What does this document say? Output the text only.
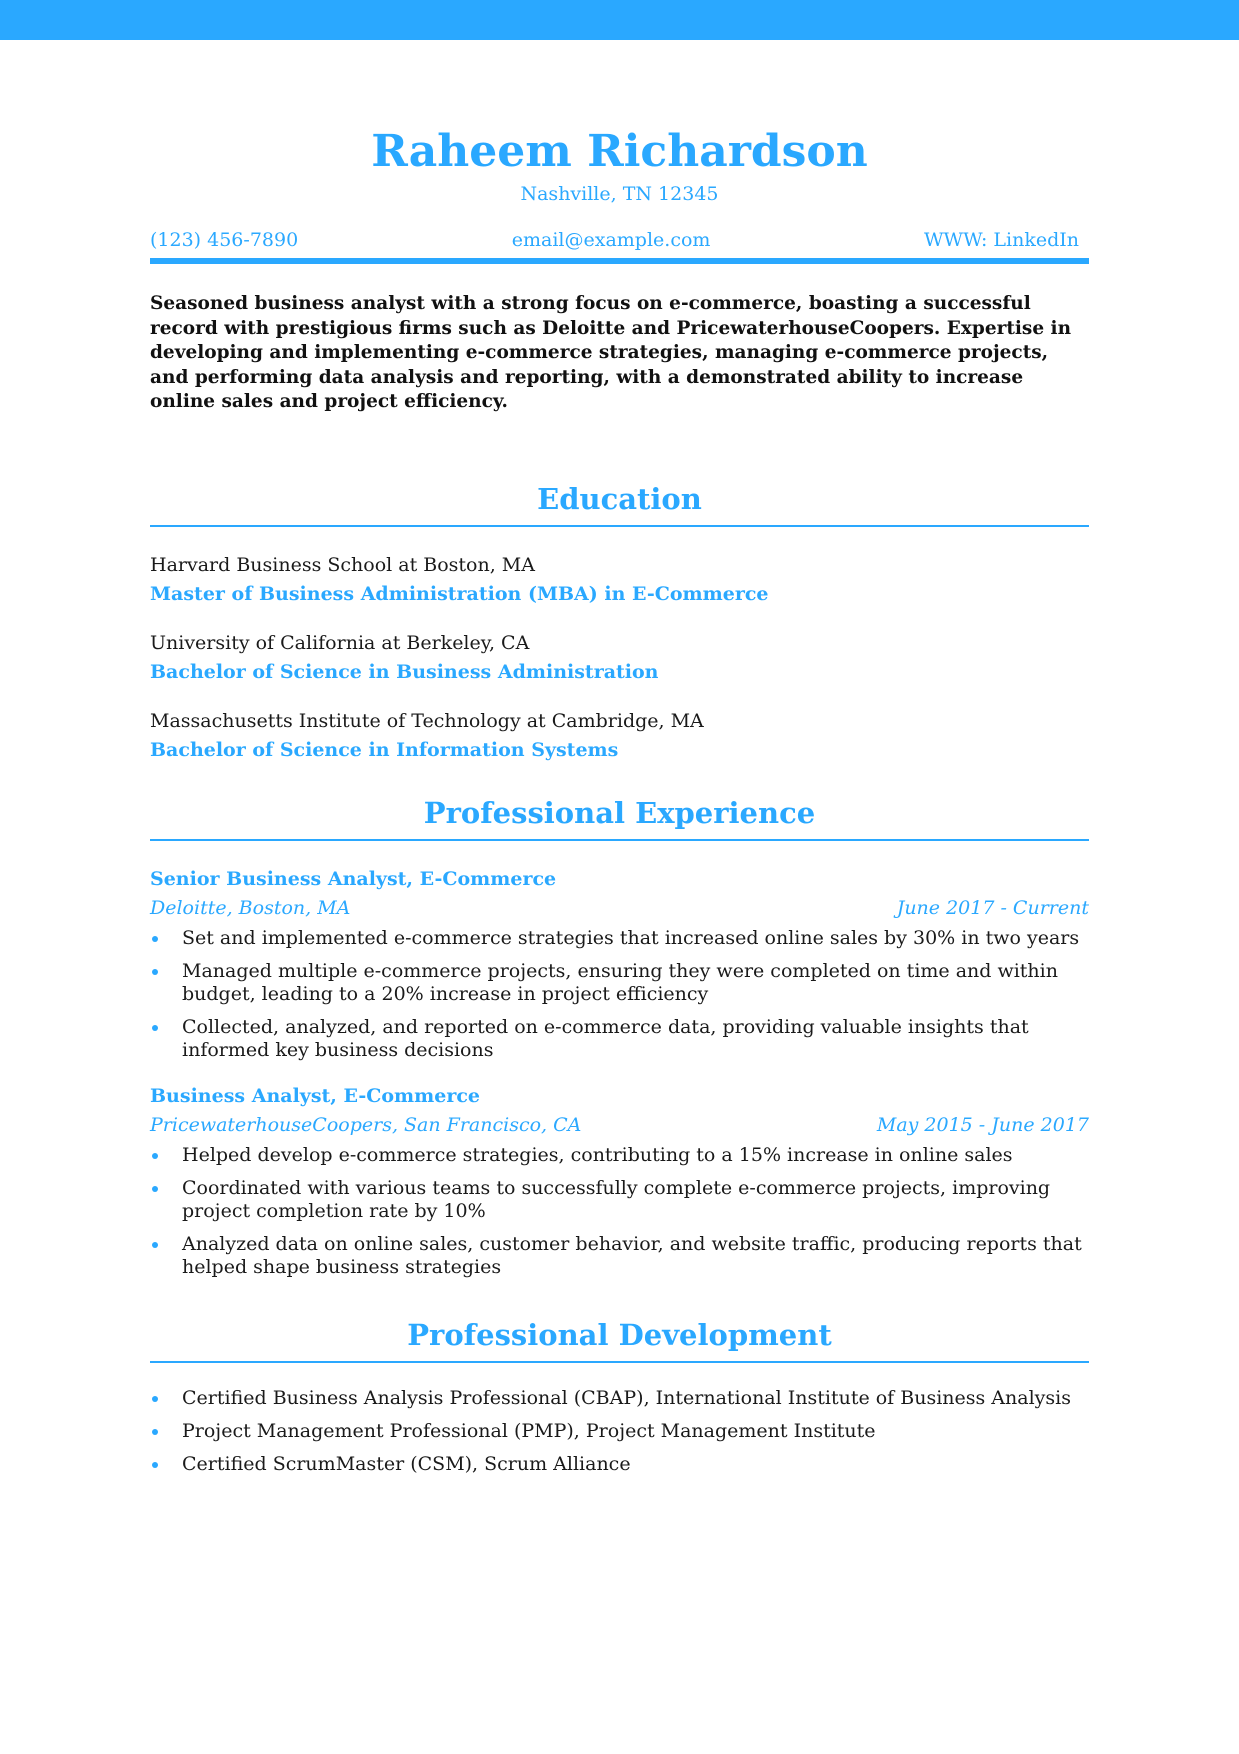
Raheem Richardson
Nashville, TN 12345
(123) 456-7890	email@example.com	WWW: LinkedIn
Seasoned business analyst with a strong focus on e-commerce, boasting a successful record with prestigious firms such as Deloitte and PricewaterhouseCoopers. Expertise in developing and implementing e-commerce strategies, managing e-commerce projects, and performing data analysis and reporting, with a demonstrated ability to increase online sales and project efficiency.
Education
Harvard Business School at Boston, MA
Master of Business Administration (MBA) in E-Commerce
University of California at Berkeley, CA
Bachelor of Science in Business Administration
Massachusetts Institute of Technology at Cambridge, MA
Bachelor of Science in Information Systems
Professional Experience
Senior Business Analyst, E-Commerce
Deloitte, Boston, MA	June 2017 - Current
Set and implemented e-commerce strategies that increased online sales by 30% in two years
Managed multiple e-commerce projects, ensuring they were completed on time and within budget, leading to a 20% increase in project efficiency
Collected, analyzed, and reported on e-commerce data, providing valuable insights that informed key business decisions
Business Analyst, E-Commerce
PricewaterhouseCoopers, San Francisco, CA	May 2015 - June 2017
Helped develop e-commerce strategies, contributing to a 15% increase in online sales
Coordinated with various teams to successfully complete e-commerce projects, improving project completion rate by 10%
Analyzed data on online sales, customer behavior, and website traffic, producing reports that helped shape business strategies
Professional Development
Certified Business Analysis Professional (CBAP), International Institute of Business Analysis
Project Management Professional (PMP), Project Management Institute
Certified ScrumMaster (CSM), Scrum Alliance
